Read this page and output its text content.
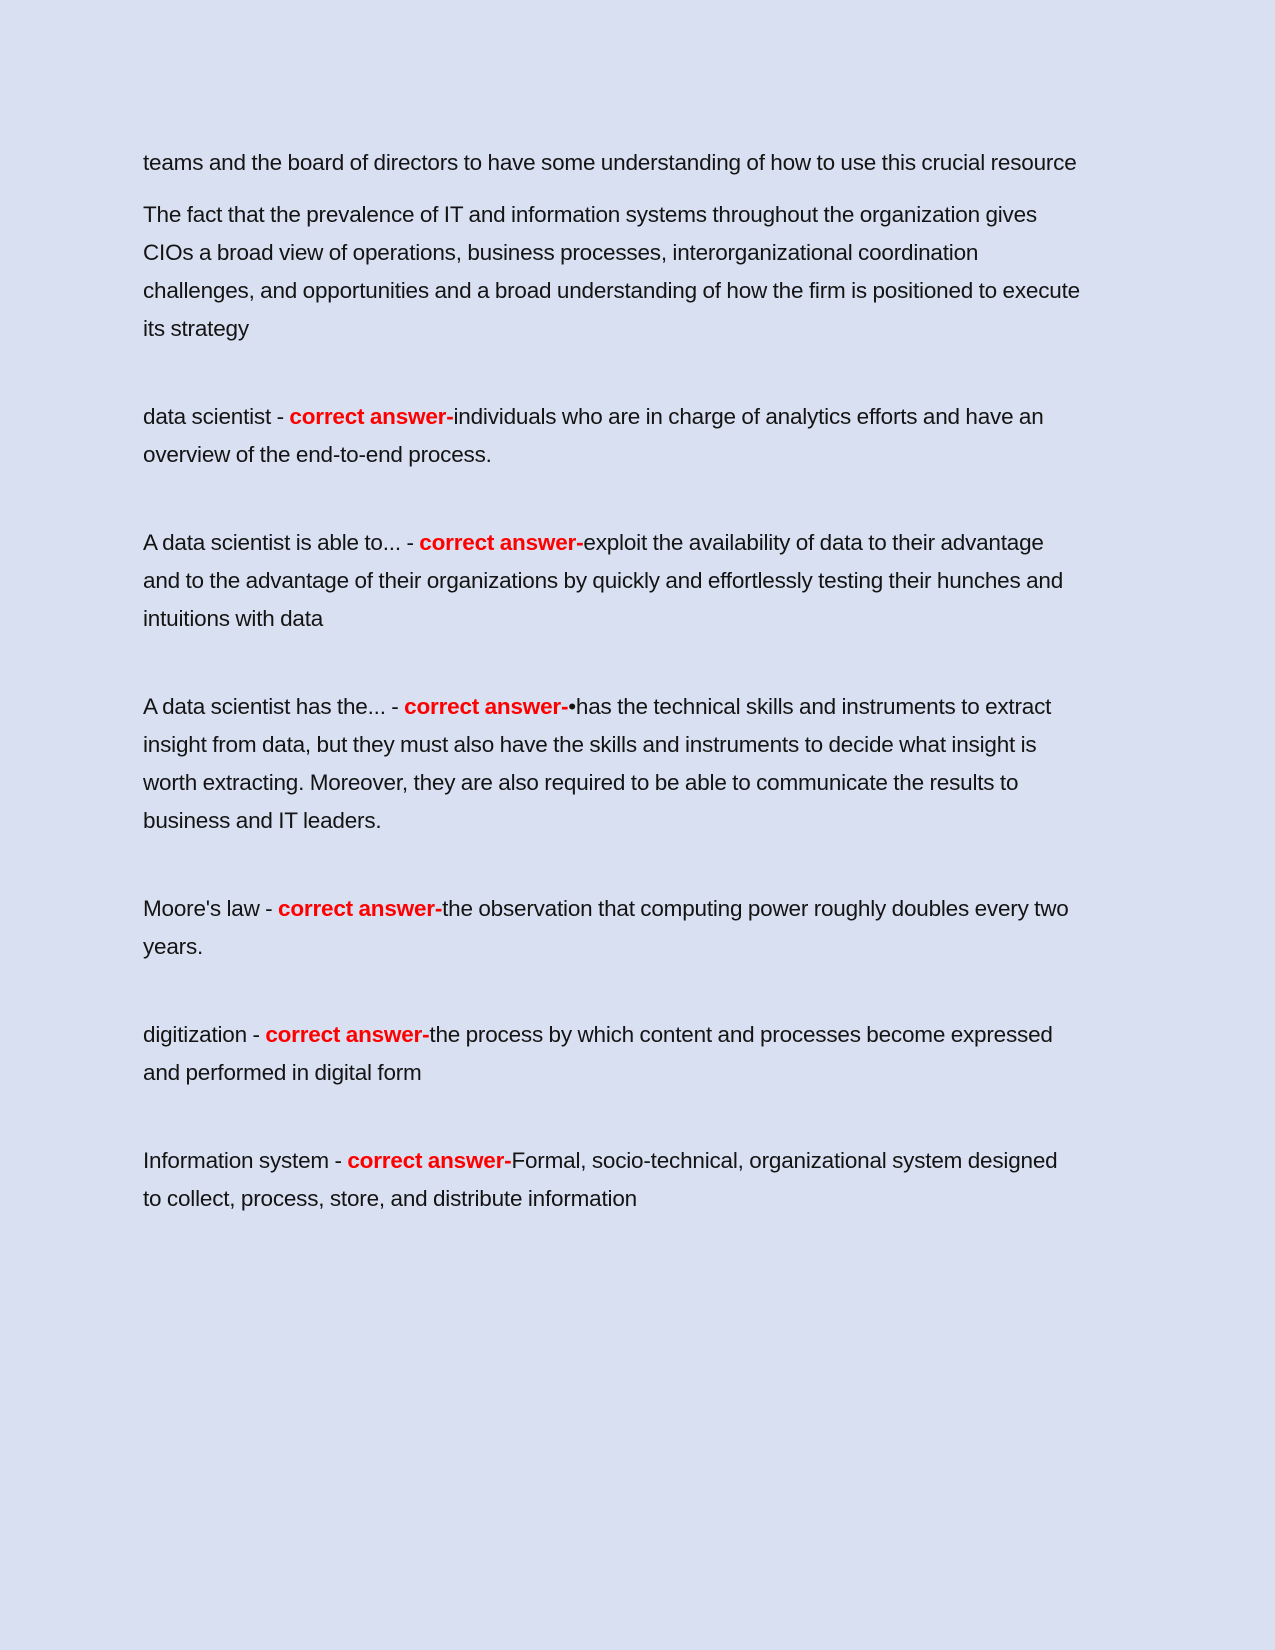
teams and the board of directors to have some understanding of how to use this crucial resource

The fact that the prevalence of IT and information systems throughout the organization gives CIOs a broad view of operations, business processes, interorganizational coordination challenges, and opportunities and a broad understanding of how the firm is positioned to execute its strategy

data scientist - correct answer-individuals who are in charge of analytics efforts and have an overview of the end-to-end process.

A data scientist is able to... - correct answer-exploit the availability of data to their advantage and to the advantage of their organizations by quickly and effortlessly testing their hunches and intuitions with data

A data scientist has the... - correct answer-•has the technical skills and instruments to extract insight from data, but they must also have the skills and instruments to decide what insight is worth extracting. Moreover, they are also required to be able to communicate the results to business and IT leaders.

Moore's law - correct answer-the observation that computing power roughly doubles every two years.

digitization - correct answer-the process by which content and processes become expressed and performed in digital form

Information system - correct answer-Formal, socio-technical, organizational system designed to collect, process, store, and distribute information
